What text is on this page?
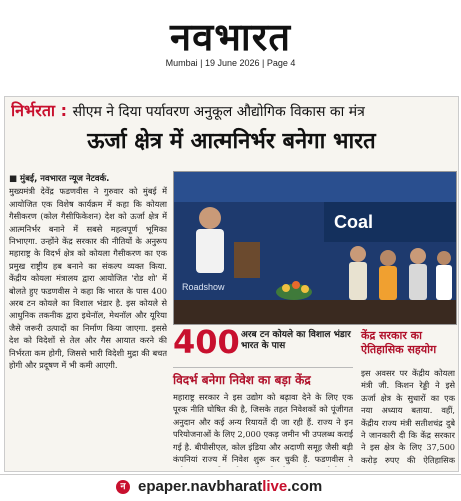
नवभारत
Mumbai | 19 June 2026 | Page 4
निर्भरता : सीएम ने दिया पर्यावरण अनुकूल औद्योगिक विकास का मंत्र
ऊर्जा क्षेत्र में आत्मनिर्भर बनेगा भारत
■ मुंबई, नवभारत न्यूज नेटवर्क.
मुख्यमंत्री देवेंद्र फडणवीस ने गुरुवार को मुंबई में आयोजित एक विशेष कार्यक्रम में कहा कि कोयला गैसीकरण (कोल गैसीफिकेशन) देश को ऊर्जा क्षेत्र में आत्मनिर्भर बनाने में सबसे महत्वपूर्ण भूमिका निभाएगा. उन्होंने केंद्र सरकार की नीतियों के अनुरूप महाराष्ट्र के विदर्भ क्षेत्र को कोयला गैसीकरण का एक प्रमुख राष्ट्रीय हब बनाने का संकल्प व्यक्त किया. केंद्रीय कोयला मंत्रालय द्वारा आयोजित 'रोड शो' में बोलते हुए फडणवीस ने कहा कि भारत के पास 400 अरब टन कोयले का विशाल भंडार है. इस कोयले से आधुनिक तकनीक द्वारा इथेनॉल, मेथनॉल और यूरिया जैसे जरूरी उत्पादों का निर्माण किया जाएगा. इससे देश को विदेशों से तेल और गैस आयात करने की निर्भरता कम होगी, जिससे भारी विदेशी मुद्रा की बचत होगी और प्रदूषण में भी कमी आएगी.
Coal
Roadshow
400 अरब टन कोयले का विशाल भंडार भारत के पास
विदर्भ बनेगा निवेश का बड़ा केंद्र
महाराष्ट्र सरकार ने इस उद्योग को बढ़ावा देने के लिए एक पूरक नीति घोषित की है, जिसके तहत निवेशकों को पूंजीगत अनुदान और कई अन्य रियायतें दी जा रही हैं. राज्य ने इन परियोजनाओं के लिए 2,000 एकड़ जमीन भी उपलब्ध कराई गई है. बीपीसीएल, कोल इंडिया और अदाणी समूह जैसी बड़ी कंपनियां राज्य में निवेश शुरू कर चुकी हैं. फडणवीस ने
केंद्र सरकार का ऐतिहासिक सहयोग
इस अवसर पर केंद्रीय कोयला मंत्री जी. किशन रेड्डी ने इसे ऊर्जा क्षेत्र के सुधारों का एक नया अध्याय बताया. वहीं, केंद्रीय राज्य मंत्री सतीशचंद्र दुबे ने जानकारी दी कि केंद्र सरकार ने इस क्षेत्र के लिए 37,500 करोड़ रुपए की ऐतिहासिक
न epaper.navbharatlive.com
